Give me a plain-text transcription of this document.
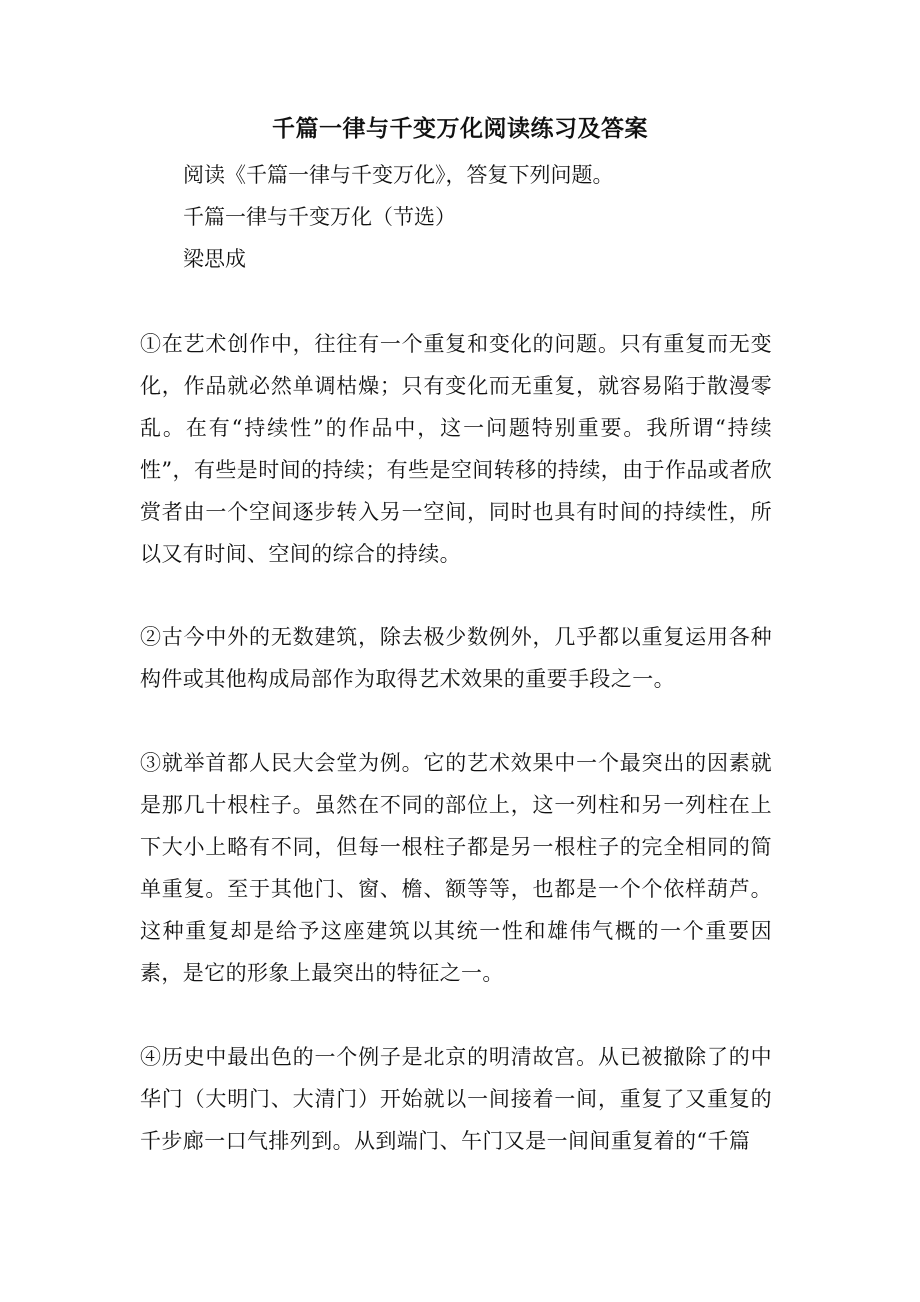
千篇一律与千变万化阅读练习及答案

阅读《千篇一律与千变万化》，答复下列问题。

千篇一律与千变万化（节选）

梁思成

①在艺术创作中，往往有一个重复和变化的问题。只有重复而无变化，作品就必然单调枯燥；只有变化而无重复，就容易陷于散漫零乱。在有“持续性”的作品中，这一问题特别重要。我所谓“持续性”，有些是时间的持续；有些是空间转移的持续，由于作品或者欣赏者由一个空间逐步转入另一空间，同时也具有时间的持续性，所以又有时间、空间的综合的持续。

②古今中外的无数建筑，除去极少数例外，几乎都以重复运用各种构件或其他构成局部作为取得艺术效果的重要手段之一。

③就举首都人民大会堂为例。它的艺术效果中一个最突出的因素就是那几十根柱子。虽然在不同的部位上，这一列柱和另一列柱在上下大小上略有不同，但每一根柱子都是另一根柱子的完全相同的简单重复。至于其他门、窗、檐、额等等，也都是一个个依样葫芦。这种重复却是给予这座建筑以其统一性和雄伟气概的一个重要因素，是它的形象上最突出的特征之一。

④历史中最出色的一个例子是北京的明清故宫。从已被撤除了的中华门（大明门、大清门）开始就以一间接着一间，重复了又重复的千步廊一口气排列到。从到端门、午门又是一间间重复着的“千篇
